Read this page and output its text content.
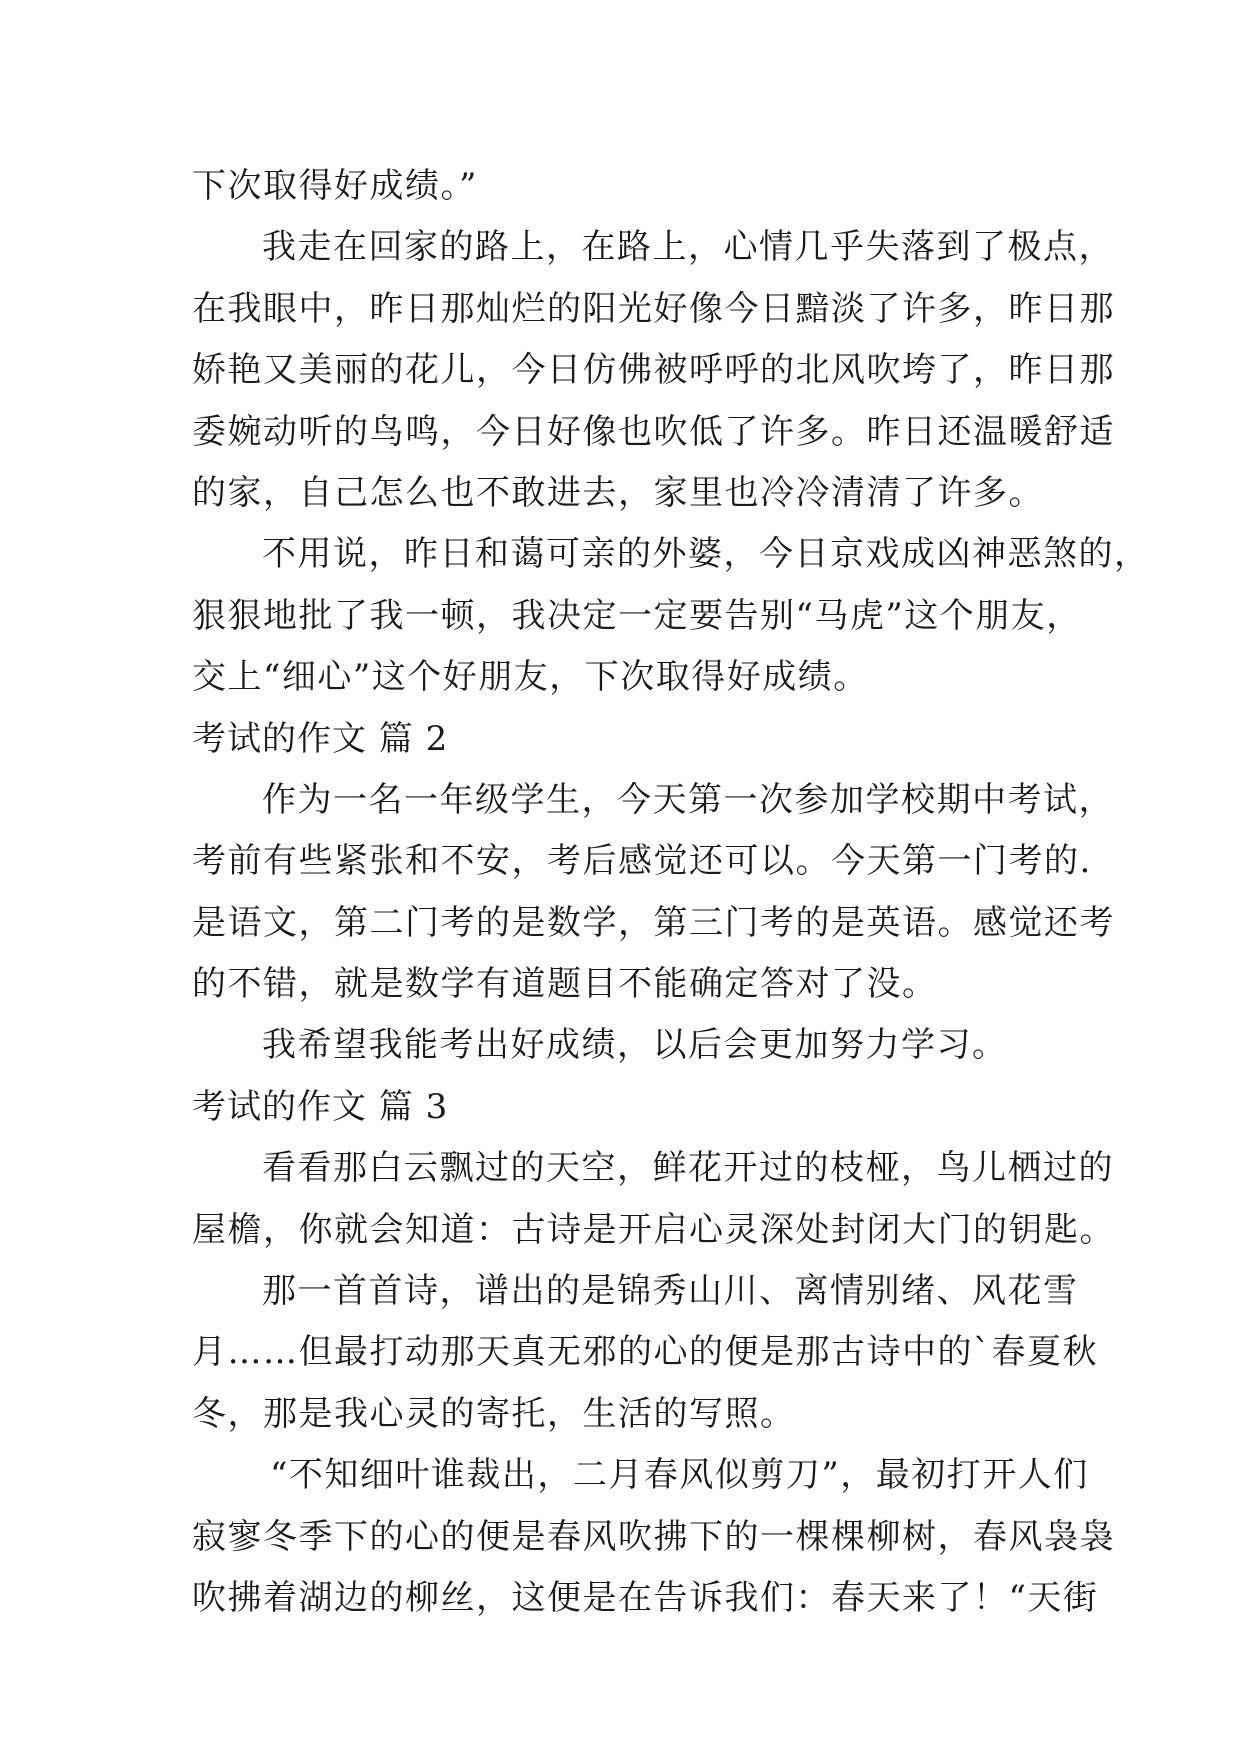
下次取得好成绩。”
我走在回家的路上，在路上，心情几乎失落到了极点，
在我眼中，昨日那灿烂的阳光好像今日黯淡了许多，昨日那
娇艳又美丽的花儿，今日仿佛被呼呼的北风吹垮了，昨日那
委婉动听的鸟鸣，今日好像也吹低了许多。昨日还温暖舒适
的家，自己怎么也不敢进去，家里也冷冷清清了许多。
不用说，昨日和蔼可亲的外婆，今日京戏成凶神恶煞的，
狠狠地批了我一顿，我决定一定要告别“马虎”这个朋友，
交上“细心”这个好朋友，下次取得好成绩。
考试的作文 篇 2
作为一名一年级学生，今天第一次参加学校期中考试，
考前有些紧张和不安，考后感觉还可以。今天第一门考的.
是语文，第二门考的是数学，第三门考的是英语。感觉还考
的不错，就是数学有道题目不能确定答对了没。
我希望我能考出好成绩，以后会更加努力学习。
考试的作文 篇 3
看看那白云飘过的天空，鲜花开过的枝桠，鸟儿栖过的
屋檐，你就会知道：古诗是开启心灵深处封闭大门的钥匙。
那一首首诗，谱出的是锦秀山川、离情别绪、风花雪
月……但最打动那天真无邪的心的便是那古诗中的`春夏秋
冬，那是我心灵的寄托，生活的写照。
“不知细叶谁裁出，二月春风似剪刀”，最初打开人们
寂寥冬季下的心的便是春风吹拂下的一棵棵柳树，春风袅袅
吹拂着湖边的柳丝，这便是在告诉我们：春天来了！“天街
